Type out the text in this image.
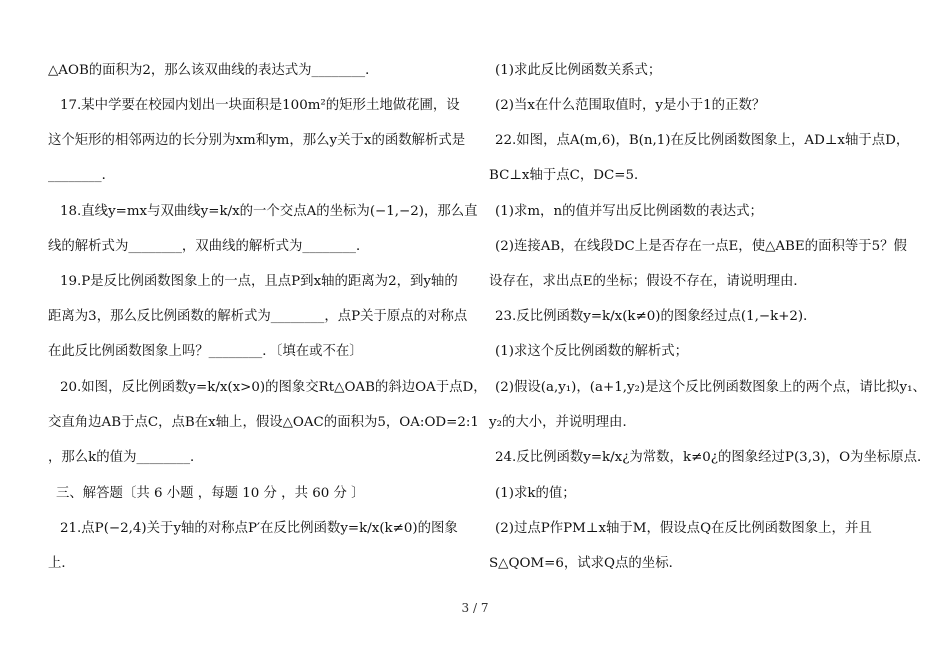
△AOB的面积为2，那么该双曲线的表达式为________．
17.某中学要在校园内划出一块面积是100m²的矩形土地做花圃，设
这个矩形的相邻两边的长分别为xm和ym，那么y关于x的函数解析式是
________．
18.直线y=mx与双曲线y=k/x的一个交点A的坐标为(−1,−2)，那么直
线的解析式为________，双曲线的解析式为________．
19.P是反比例函数图象上的一点，且点P到x轴的距离为2，到y轴的
距离为3，那么反比例函数的解析式为________，点P关于原点的对称点
在此反比例函数图象上吗？________．〔填在或不在〕
20.如图，反比例函数y=k/x(x>0)的图象交Rt△OAB的斜边OA于点D，
交直角边AB于点C，点B在x轴上，假设△OAC的面积为5，OA:OD=2:1
，那么k的值为________．
三、解答题〔共 6 小题 ，每题 10 分 ，共 60 分 〕
21.点P(−2,4)关于y轴的对称点P′在反比例函数y=k/x(k≠0)的图象
上．
(1)求此反比例函数关系式；
(2)当x在什么范围取值时，y是小于1的正数？
22.如图，点A(m,6)，B(n,1)在反比例函数图象上，AD⊥x轴于点D，
BC⊥x轴于点C，DC=5．
(1)求m，n的值并写出反比例函数的表达式；
(2)连接AB，在线段DC上是否存在一点E，使△ABE的面积等于5？假
设存在，求出点E的坐标；假设不存在，请说明理由．
23.反比例函数y=k/x(k≠0)的图象经过点(1,−k+2)．
(1)求这个反比例函数的解析式；
(2)假设(a,y₁)，(a+1,y₂)是这个反比例函数图象上的两个点，请比拟y₁、
y₂的大小，并说明理由．
24.反比例函数y=k/x¿为常数，k≠0¿的图象经过P(3,3)，O为坐标原点．
(1)求k的值；
(2)过点P作PM⊥x轴于M，假设点Q在反比例函数图象上，并且
S△QOM=6，试求Q点的坐标．
3 / 7
